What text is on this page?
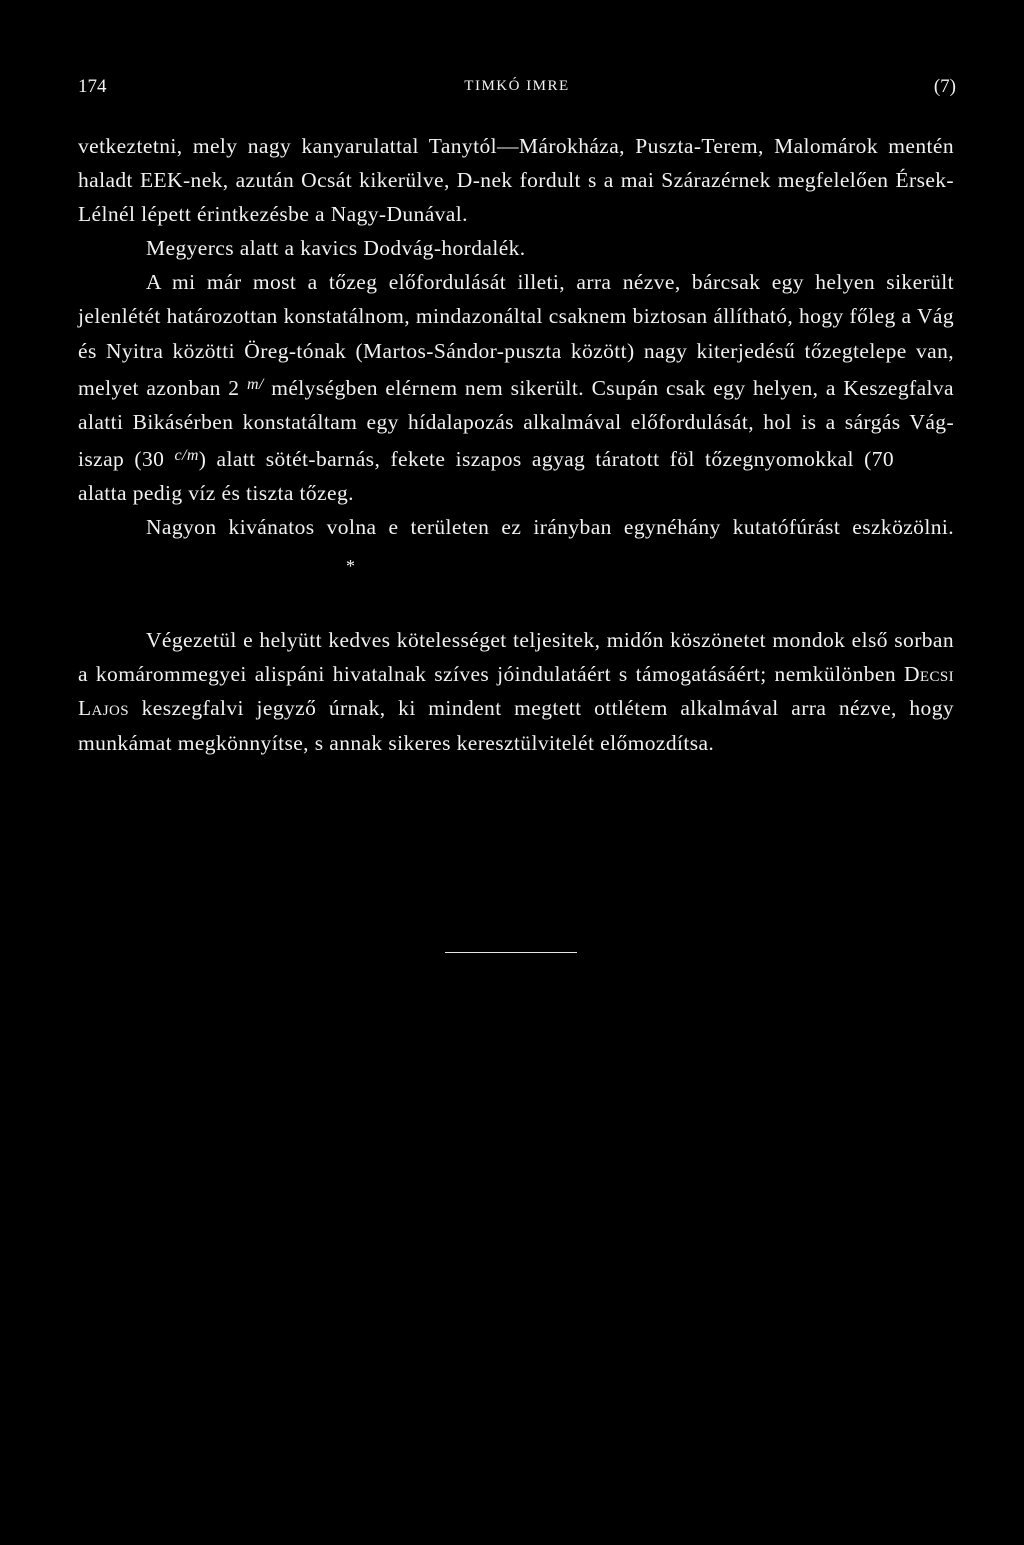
174	TIMKÓ IMRE	(7)

vetkeztetni, mely nagy kanyarulattal Tanytól—Márokháza, Puszta-Terem, Malomárok mentén haladt EEK-nek, azután Ocsát kikerülve, D-nek fordult s a mai Szárazérnek megfelelően Érsek-Lélnél lépett érintkezésbe a Nagy-Dunával.

Megyercs alatt a kavics Dodvág-hordalék.

A mi már most a tőzeg előfordulását illeti, arra nézve, bárcsak egy helyen sikerült jelenlétét határozottan konstatálnom, mindazonáltal csaknem biztosan állítható, hogy főleg a Vág és Nyitra közötti Öreg-tónak (Martos-Sándor-puszta között) nagy kiterjedésű tőzegtelepe van, melyet azonban 2 $^{m/}$ mélységben elérnem nem sikerült. Csupán csak egy helyen, a Keszegfalva alatti Bikásérben konstatáltam egy hídalapozás alkalmával előfordulását, hol is a sárgás Vág-iszap (30 $^{c/m}$) alatt sötét-barnás, fekete iszapos agyag táratott föl tőzegnyomokkal (70alatta pedig víz és tiszta tőzeg.

Nagyon kivánatos volna e területen ez irányban egynéhány kutatófúrást eszközölni.*

Végezetül e helyütt kedves kötelességet teljesitek, midőn köszönetet mondok első sorban a komárommegyei alispáni hivatalnak szíves jóindulatáért s támogatásáért; nemkülönben Decsi Lajos keszegfalvi jegyző úrnak, ki mindent megtett ottlétem alkalmával arra nézve, hogy munkámat megkönnyítse, s annak sikeres keresztülvitelét előmozdítsa.
